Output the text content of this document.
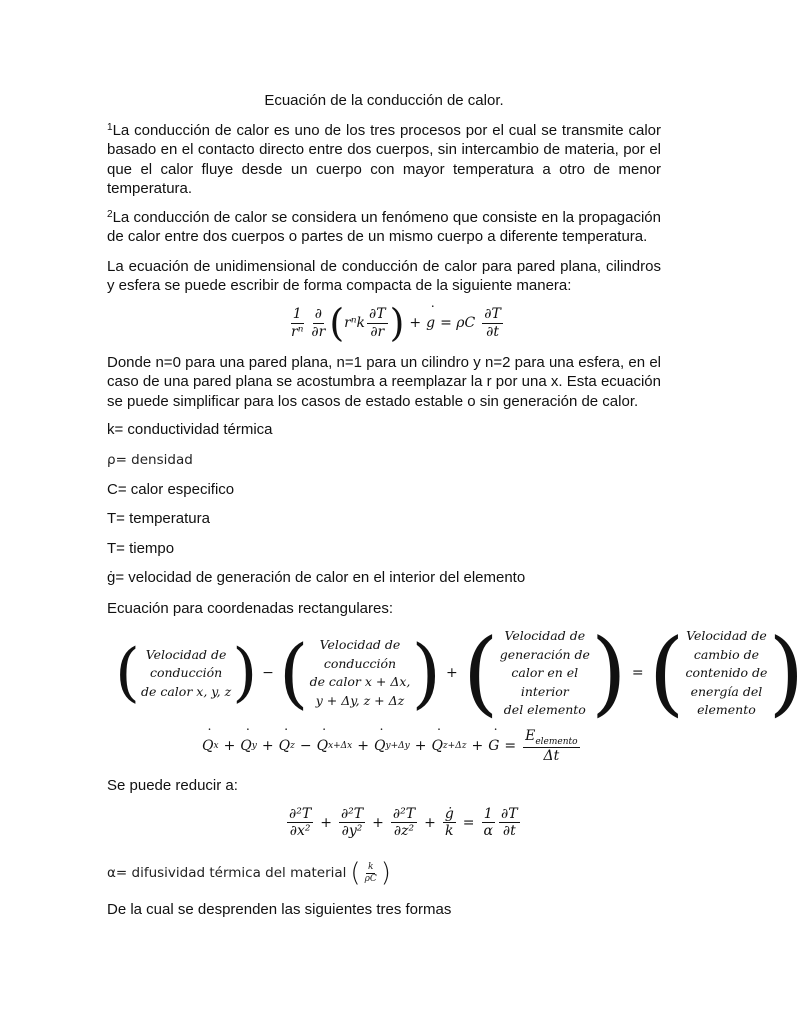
Ecuación de la conducción de calor.
$^1$La conducción de calor es uno de los tres procesos por el cual se transmite calor basado en el contacto directo entre dos cuerpos, sin intercambio de materia, por el que el calor fluye desde un cuerpo con mayor temperatura a otro de menor temperatura.
$^2$La conducción de calor se considera un fenómeno que consiste en la propagación de calor entre dos cuerpos o partes de un mismo cuerpo a diferente temperatura.
La ecuación de unidimensional de conducción de calor para pared plana, cilindros y esfera se puede escribir de forma compacta de la siguiente manera:
$\frac{1}{\text{rⁿ}} \frac{\partial}{\partial r}$ ( rⁿk $\frac{\partial T}{\partial r}$ ) + g ˙ = ρC $\frac{\partial T}{\partial t}$
Donde n=0 para una pared plana, n=1 para un cilindro y n=2 para una esfera, en el caso de una pared plana se acostumbra a reemplazar la r por una x. Esta ecuación se puede simplificar para los casos de estado estable o sin generación de calor.
k= conductividad térmica
ρ= densidad
C= calor especifico
T= temperatura
T= tiempo
ġ= velocidad de generación de calor en el interior del elemento
Ecuación para coordenadas rectangulares:
( Velocidad de
conducción
de calor x, y, z ) − ( Velocidad de
conducción
de calor x + Δx,
y + Δy, z + Δz ) + ( Velocidad de
generación de
calor en el
interior
del elemento ) = ( Velocidad de
cambio de
contenido de
energía del
elemento )
Q ˙ x + Q ˙ y + Q ˙ z − Q ˙ x+Δx + Q ˙ y+Δy + Q ˙ z+Δz + G ˙ = $\frac{E_{elemento}}{\Delta t}$
Se puede reducir a:
$\frac{\text{∂²T}}{\text{∂x²}} + \frac{\text{∂²T}}{\text{∂y²}} + \frac{\text{∂²T}}{\text{∂z²}} + \frac{ġ}{k} = \frac{1}{\alpha} \frac{\partial T}{\partial t}$
α= difusividad térmica del material ( $\frac{k}{\rho C}$ )
De la cual se desprenden las siguientes tres formas
